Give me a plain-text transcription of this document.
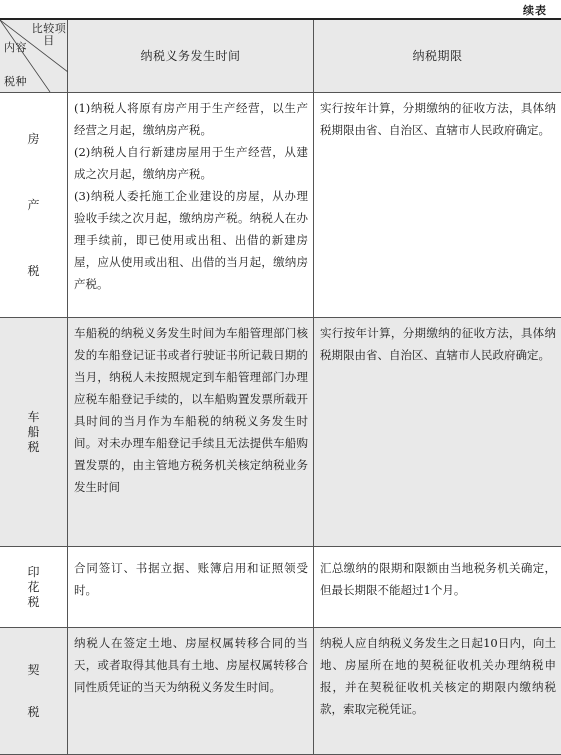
续表
比较项目
内容
税种
纳税义务发生时间	纳税期限
房
产
税

(1)纳税人将原有房产用于生产经营，以生产经营之月起，缴纳房产税。

(2)纳税人自行新建房屋用于生产经营，从建成之次月起，缴纳房产税。

(3)纳税人委托施工企业建设的房屋，从办理验收手续之次月起，缴纳房产税。纳税人在办理手续前，即已使用或出租、出借的新建房屋，应从使用或出租、出借的当月起，缴纳房产税。

实行按年计算，分期缴纳的征收方法，具体纳税期限由省、自治区、直辖市人民政府确定。

车
船
税

车船税的纳税义务发生时间为车船管理部门核发的车船登记证书或者行驶证书所记载日期的当月，纳税人未按照规定到车船管理部门办理应税车船登记手续的，以车船购置发票所载开具时间的当月作为车船税的纳税义务发生时间。对未办理车船登记手续且无法提供车船购置发票的，由主管地方税务机关核定纳税业务发生时间

实行按年计算，分期缴纳的征收方法，具体纳税期限由省、自治区、直辖市人民政府确定。

印
花
税

合同签订、书据立据、账簿启用和证照领受时。

汇总缴纳的限期和限额由当地税务机关确定，但最长期限不能超过1个月。

契
税

纳税人在签定土地、房屋权属转移合同的当天，或者取得其他具有土地、房屋权属转移合同性质凭证的当天为纳税义务发生时间。

纳税人应自纳税义务发生之日起10日内，向土地、房屋所在地的契税征收机关办理纳税申报，并在契税征收机关核定的期限内缴纳税款，索取完税凭证。
